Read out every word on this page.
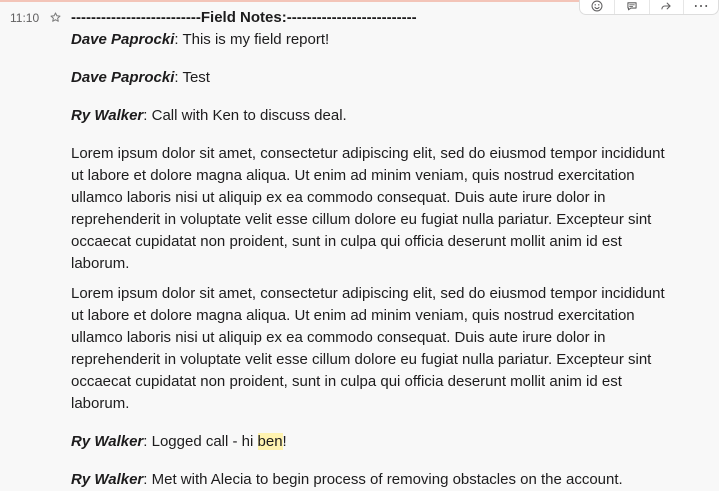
11:10 --------------------------Field Notes:--------------------------

Dave Paprocki: This is my field report!

Dave Paprocki: Test

Ry Walker: Call with Ken to discuss deal.

Lorem ipsum dolor sit amet, consectetur adipiscing elit, sed do eiusmod tempor incididunt ut labore et dolore magna aliqua. Ut enim ad minim veniam, quis nostrud exercitation ullamco laboris nisi ut aliquip ex ea commodo consequat. Duis aute irure dolor in reprehenderit in voluptate velit esse cillum dolore eu fugiat nulla pariatur. Excepteur sint occaecat cupidatat non proident, sunt in culpa qui officia deserunt mollit anim id est laborum.

Lorem ipsum dolor sit amet, consectetur adipiscing elit, sed do eiusmod tempor incididunt ut labore et dolore magna aliqua. Ut enim ad minim veniam, quis nostrud exercitation ullamco laboris nisi ut aliquip ex ea commodo consequat. Duis aute irure dolor in reprehenderit in voluptate velit esse cillum dolore eu fugiat nulla pariatur. Excepteur sint occaecat cupidatat non proident, sunt in culpa qui officia deserunt mollit anim id est laborum.

Ry Walker: Logged call - hi ben!

Ry Walker: Met with Alecia to begin process of removing obstacles on the account.

⋯
